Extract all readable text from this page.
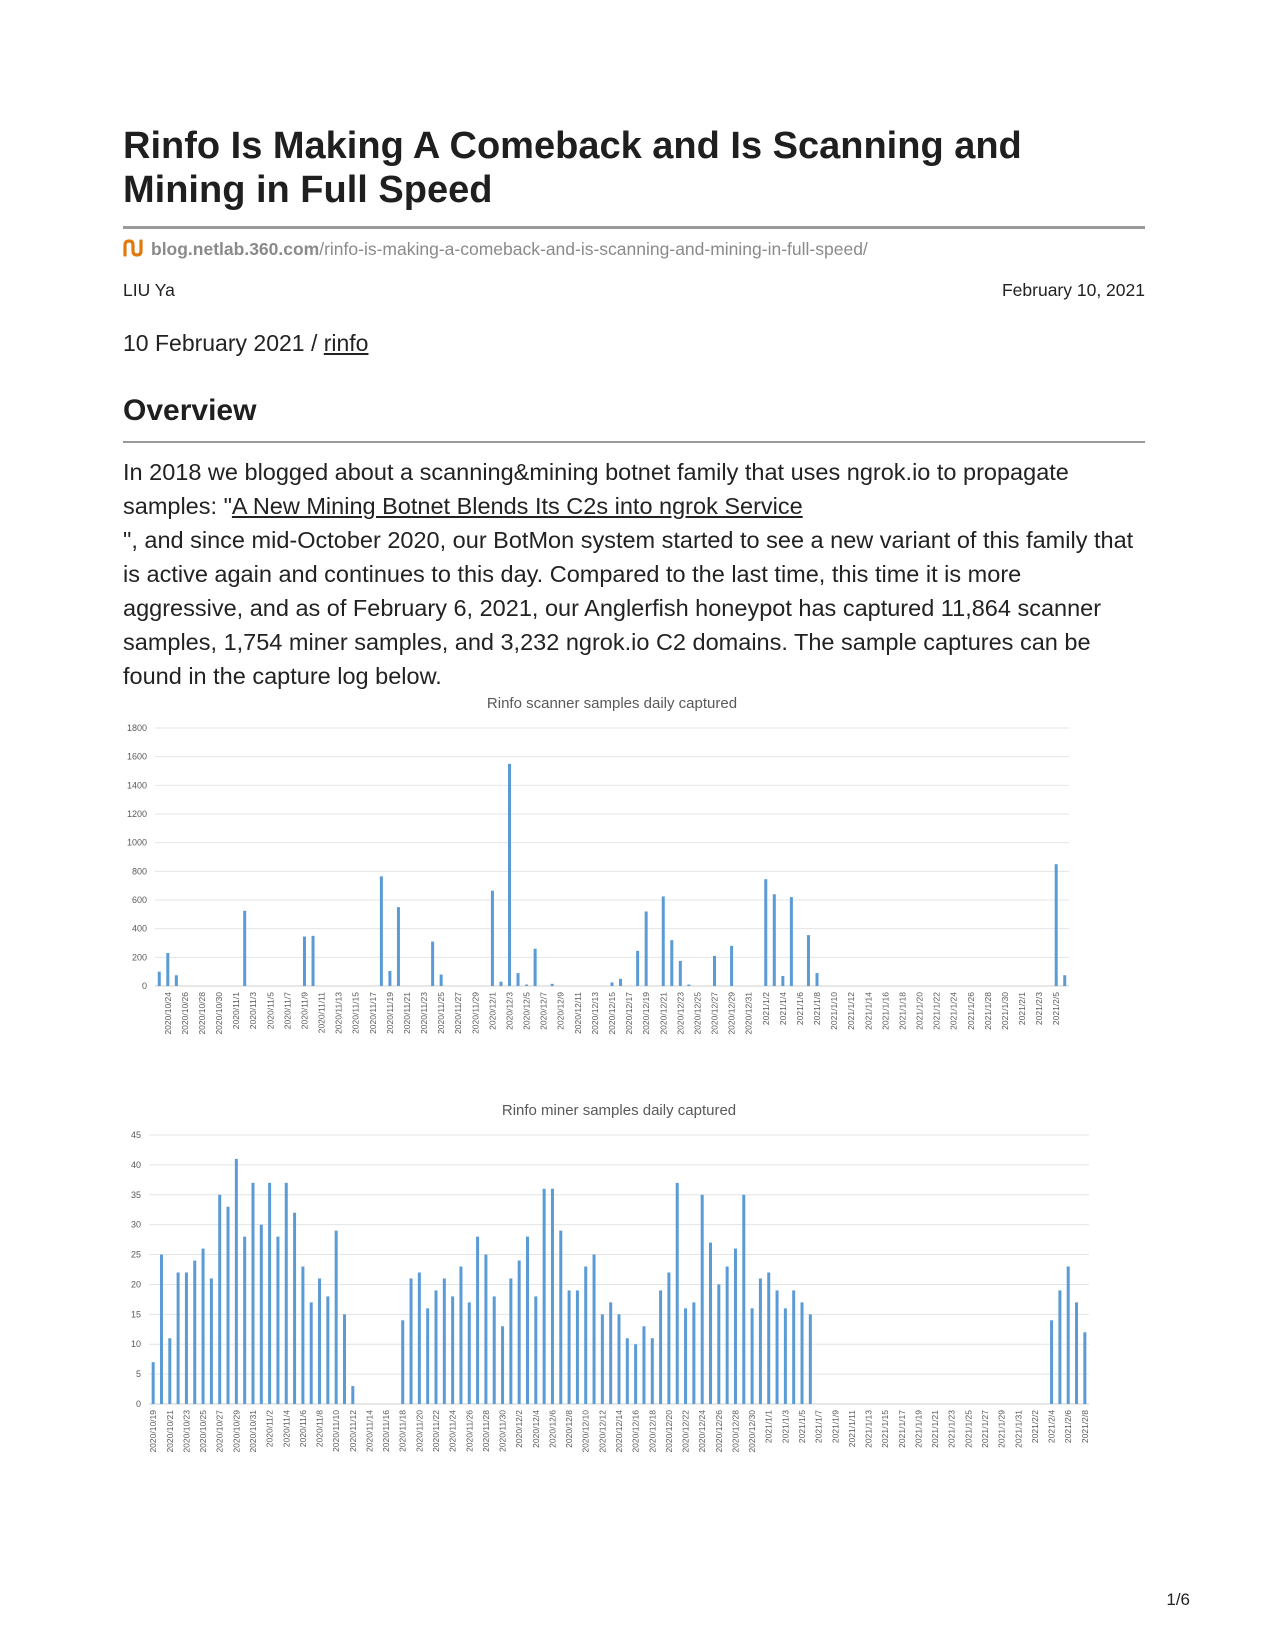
Rinfo Is Making A Comeback and Is Scanning and Mining in Full Speed
blog.netlab.360.com/rinfo-is-making-a-comeback-and-is-scanning-and-mining-in-full-speed/
LIU Ya	February 10, 2021
10 February 2021 / rinfo
Overview
In 2018 we blogged about a scanning&mining botnet family that uses ngrok.io to propagate samples: "A New Mining Botnet Blends Its C2s into ngrok Service
", and since mid-October 2020, our BotMon system started to see a new variant of this family that is active again and continues to this day. Compared to the last time, this time it is more aggressive, and as of February 6, 2021, our Anglerfish honeypot has captured 11,864 scanner samples, 1,754 miner samples, and 3,232 ngrok.io C2 domains. The sample captures can be found in the capture log below.
Rinfo scanner samples daily captured
0
200
400
600
800
1000
1200
1400
1600
1800
2020/10/24 2020/10/26 2020/10/28 2020/10/30 2020/11/1 2020/11/3 2020/11/5 2020/11/7 2020/11/9 2020/11/11 2020/11/13 2020/11/15 2020/11/17 2020/11/19 2020/11/21 2020/11/23 2020/11/25 2020/11/27 2020/11/29 2020/12/1 2020/12/3 2020/12/5 2020/12/7 2020/12/9 2020/12/11 2020/12/13 2020/12/15 2020/12/17 2020/12/19 2020/12/21 2020/12/23 2020/12/25 2020/12/27 2020/12/29 2020/12/31 2021/1/2 2021/1/4 2021/1/6 2021/1/8 2021/1/10 2021/1/12 2021/1/14 2021/1/16 2021/1/18 2021/1/20 2021/1/22 2021/1/24 2021/1/26 2021/1/28 2021/1/30 2021/2/1 2021/2/3 2021/2/5
Rinfo miner samples daily captured
0
5
10
15
20
25
30
35
40
45
2020/10/19 2020/10/21 2020/10/23 2020/10/25 2020/10/27 2020/10/29 2020/10/31 2020/11/2 2020/11/4 2020/11/6 2020/11/8 2020/11/10 2020/11/12 2020/11/14 2020/11/16 2020/11/18 2020/11/20 2020/11/22 2020/11/24 2020/11/26 2020/11/28 2020/11/30 2020/12/2 2020/12/4 2020/12/6 2020/12/8 2020/12/10 2020/12/12 2020/12/14 2020/12/16 2020/12/18 2020/12/20 2020/12/22 2020/12/24 2020/12/26 2020/12/28 2020/12/30 2021/1/1 2021/1/3 2021/1/5 2021/1/7 2021/1/9 2021/1/11 2021/1/13 2021/1/15 2021/1/17 2021/1/19 2021/1/21 2021/1/23 2021/1/25 2021/1/27 2021/1/29 2021/1/31 2021/2/2 2021/2/4 2021/2/6 2021/2/8
1/6
